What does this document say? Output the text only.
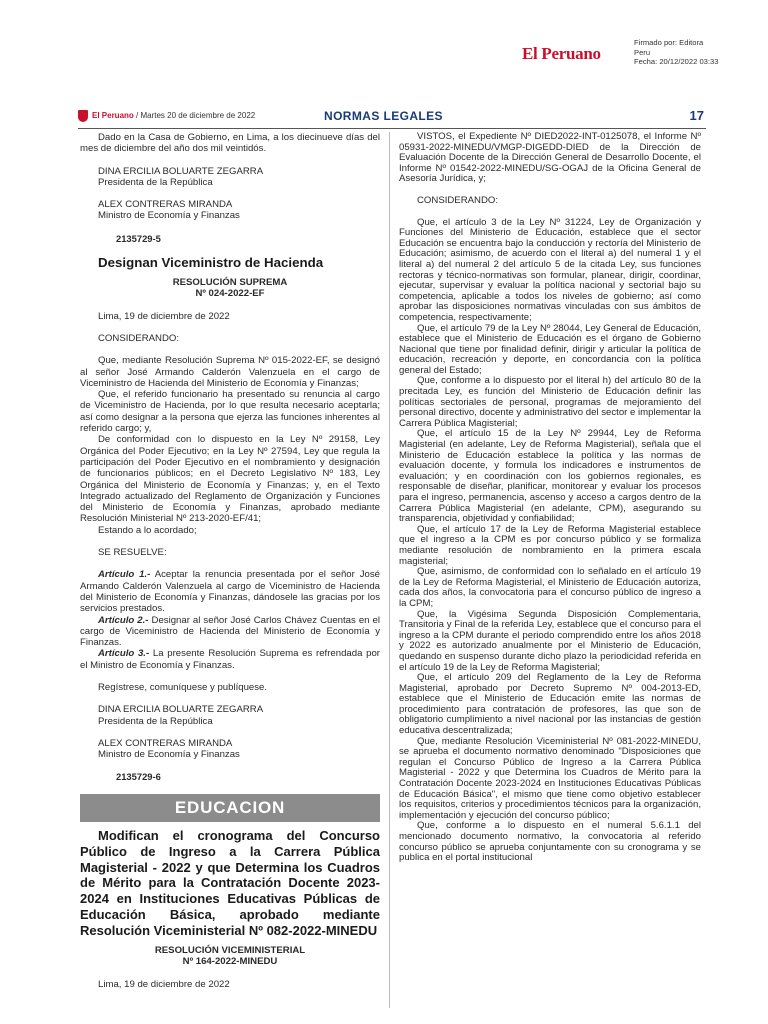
El Peruano
Firmado por: Editora
Peru
Fecha: 20/12/2022 03:33
El Peruano / Martes 20 de diciembre de 2022	NORMAS LEGALES	17

Dado en la Casa de Gobierno, en Lima, a los diecinueve días del mes de diciembre del año dos mil veintidós.

DINA ERCILIA BOLUARTE ZEGARRA

Presidenta de la República

ALEX CONTRERAS MIRANDA

Ministro de Economía y Finanzas

2135729-5

Designan Viceministro de Hacienda

RESOLUCIÓN SUPREMA

Nº 024-2022-EF

Lima, 19 de diciembre de 2022

CONSIDERANDO:

Que, mediante Resolución Suprema Nº 015-2022-EF, se designó al señor José Armando Calderón Valenzuela en el cargo de Viceministro de Hacienda del Ministerio de Economía y Finanzas;

Que, el referido funcionario ha presentado su renuncia al cargo de Viceministro de Hacienda, por lo que resulta necesario aceptarla; así como designar a la persona que ejerza las funciones inherentes al referido cargo; y,

De conformidad con lo dispuesto en la Ley Nº 29158, Ley Orgánica del Poder Ejecutivo; en la Ley Nº 27594, Ley que regula la participación del Poder Ejecutivo en el nombramiento y designación de funcionarios públicos; en el Decreto Legislativo Nº 183, Ley Orgánica del Ministerio de Economía y Finanzas; y, en el Texto Integrado actualizado del Reglamento de Organización y Funciones del Ministerio de Economía y Finanzas, aprobado mediante Resolución Ministerial Nº 213-2020-EF/41;

Estando a lo acordado;

SE RESUELVE:

Artículo 1.- Aceptar la renuncia presentada por el señor José Armando Calderón Valenzuela al cargo de Viceministro de Hacienda del Ministerio de Economía y Finanzas, dándosele las gracias por los servicios prestados.

Artículo 2.- Designar al señor José Carlos Chávez Cuentas en el cargo de Viceministro de Hacienda del Ministerio de Economía y Finanzas.

Artículo 3.- La presente Resolución Suprema es refrendada por el Ministro de Economía y Finanzas.

Regístrese, comuníquese y publíquese.

DINA ERCILIA BOLUARTE ZEGARRA

Presidenta de la República

ALEX CONTRERAS MIRANDA

Ministro de Economía y Finanzas

2135729-6

EDUCACION

Modifican el cronograma del Concurso Público de Ingreso a la Carrera Pública Magisterial - 2022 y que Determina los Cuadros de Mérito para la Contratación Docente 2023-2024 en Instituciones Educativas Públicas de Educación Básica, aprobado mediante Resolución Viceministerial Nº 082-2022-MINEDU

RESOLUCIÓN VICEMINISTERIAL

Nº 164-2022-MINEDU

Lima, 19 de diciembre de 2022

VISTOS, el Expediente Nº DIED2022-INT-0125078, el Informe Nº 05931-2022-MINEDU/VMGP-DIGEDD-DIED de la Dirección de Evaluación Docente de la Dirección General de Desarrollo Docente, el Informe Nº 01542-2022-MINEDU/SG-OGAJ de la Oficina General de Asesoría Jurídica, y;

CONSIDERANDO:

Que, el artículo 3 de la Ley Nº 31224, Ley de Organización y Funciones del Ministerio de Educación, establece que el sector Educación se encuentra bajo la conducción y rectoría del Ministerio de Educación; asimismo, de acuerdo con el literal a) del numeral 1 y el literal a) del numeral 2 del artículo 5 de la citada Ley, sus funciones rectoras y técnico-normativas son formular, planear, dirigir, coordinar, ejecutar, supervisar y evaluar la política nacional y sectorial bajo su competencia, aplicable a todos los niveles de gobierno; así como aprobar las disposiciones normativas vinculadas con sus ámbitos de competencia, respectivamente;

Que, el artículo 79 de la Ley Nº 28044, Ley General de Educación, establece que el Ministerio de Educación es el órgano de Gobierno Nacional que tiene por finalidad definir, dirigir y articular la política de educación, recreación y deporte, en concordancia con la política general del Estado;

Que, conforme a lo dispuesto por el literal h) del artículo 80 de la precitada Ley, es función del Ministerio de Educación definir las políticas sectoriales de personal, programas de mejoramiento del personal directivo, docente y administrativo del sector e implementar la Carrera Pública Magisterial;

Que, el artículo 15 de la Ley Nº 29944, Ley de Reforma Magisterial (en adelante, Ley de Reforma Magisterial), señala que el Ministerio de Educación establece la política y las normas de evaluación docente, y formula los indicadores e instrumentos de evaluación; y en coordinación con los gobiernos regionales, es responsable de diseñar, planificar, monitorear y evaluar los procesos para el ingreso, permanencia, ascenso y acceso a cargos dentro de la Carrera Pública Magisterial (en adelante, CPM), asegurando su transparencia, objetividad y confiabilidad;

Que, el artículo 17 de la Ley de Reforma Magisterial establece que el ingreso a la CPM es por concurso público y se formaliza mediante resolución de nombramiento en la primera escala magisterial;

Que, asimismo, de conformidad con lo señalado en el artículo 19 de la Ley de Reforma Magisterial, el Ministerio de Educación autoriza, cada dos años, la convocatoria para el concurso público de ingreso a la CPM;

Que, la Vigésima Segunda Disposición Complementaria, Transitoria y Final de la referida Ley, establece que el concurso para el ingreso a la CPM durante el periodo comprendido entre los años 2018 y 2022 es autorizado anualmente por el Ministerio de Educación, quedando en suspenso durante dicho plazo la periodicidad referida en el artículo 19 de la Ley de Reforma Magisterial;

Que, el artículo 209 del Reglamento de la Ley de Reforma Magisterial, aprobado por Decreto Supremo Nº 004-2013-ED, establece que el Ministerio de Educación emite las normas de procedimiento para contratación de profesores, las que son de obligatorio cumplimiento a nivel nacional por las instancias de gestión educativa descentralizada;

Que, mediante Resolución Viceministerial Nº 081-2022-MINEDU, se aprueba el documento normativo denominado "Disposiciones que regulan el Concurso Público de Ingreso a la Carrera Pública Magisterial - 2022 y que Determina los Cuadros de Mérito para la Contratación Docente 2023-2024 en Instituciones Educativas Públicas de Educación Básica", el mismo que tiene como objetivo establecer los requisitos, criterios y procedimientos técnicos para la organización, implementación y ejecución del concurso público;

Que, conforme a lo dispuesto en el numeral 5.6.1.1 del mencionado documento normativo, la convocatoria al referido concurso público se aprueba conjuntamente con su cronograma y se publica en el portal institucional
